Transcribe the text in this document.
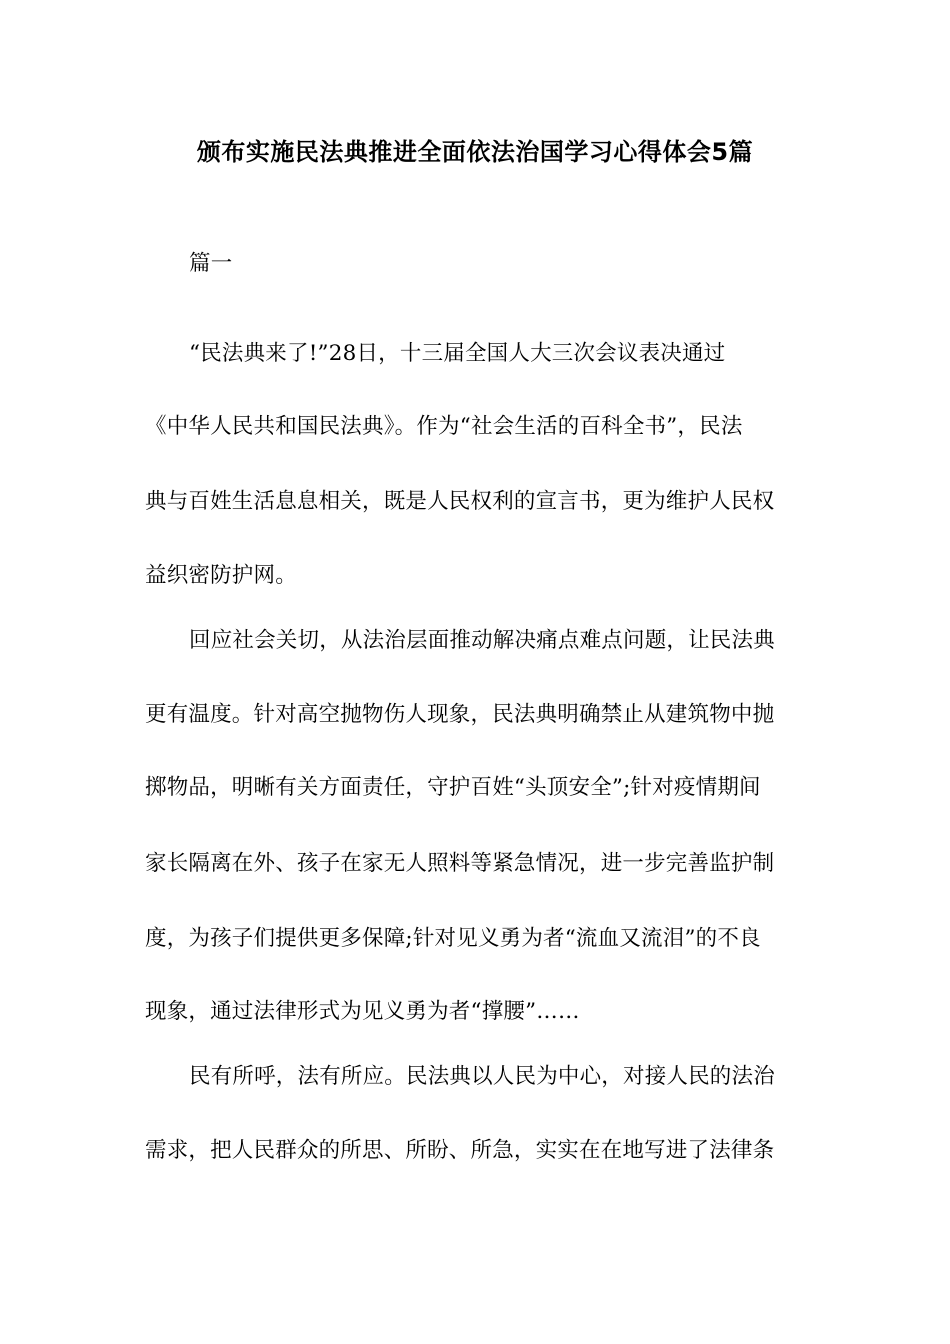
颁布实施民法典推进全面依法治国学习心得体会5篇
篇一
“民法典来了!”28日，十三届全国人大三次会议表决通过
《中华人民共和国民法典》。作为“社会生活的百科全书”，民法
典与百姓生活息息相关，既是人民权利的宣言书，更为维护人民权
益织密防护网。
回应社会关切，从法治层面推动解决痛点难点问题，让民法典
更有温度。针对高空抛物伤人现象，民法典明确禁止从建筑物中抛
掷物品，明晰有关方面责任，守护百姓“头顶安全”;针对疫情期间
家长隔离在外、孩子在家无人照料等紧急情况，进一步完善监护制
度，为孩子们提供更多保障;针对见义勇为者“流血又流泪”的不良
现象，通过法律形式为见义勇为者“撑腰”……
民有所呼，法有所应。民法典以人民为中心，对接人民的法治
需求，把人民群众的所思、所盼、所急，实实在在地写进了法律条
